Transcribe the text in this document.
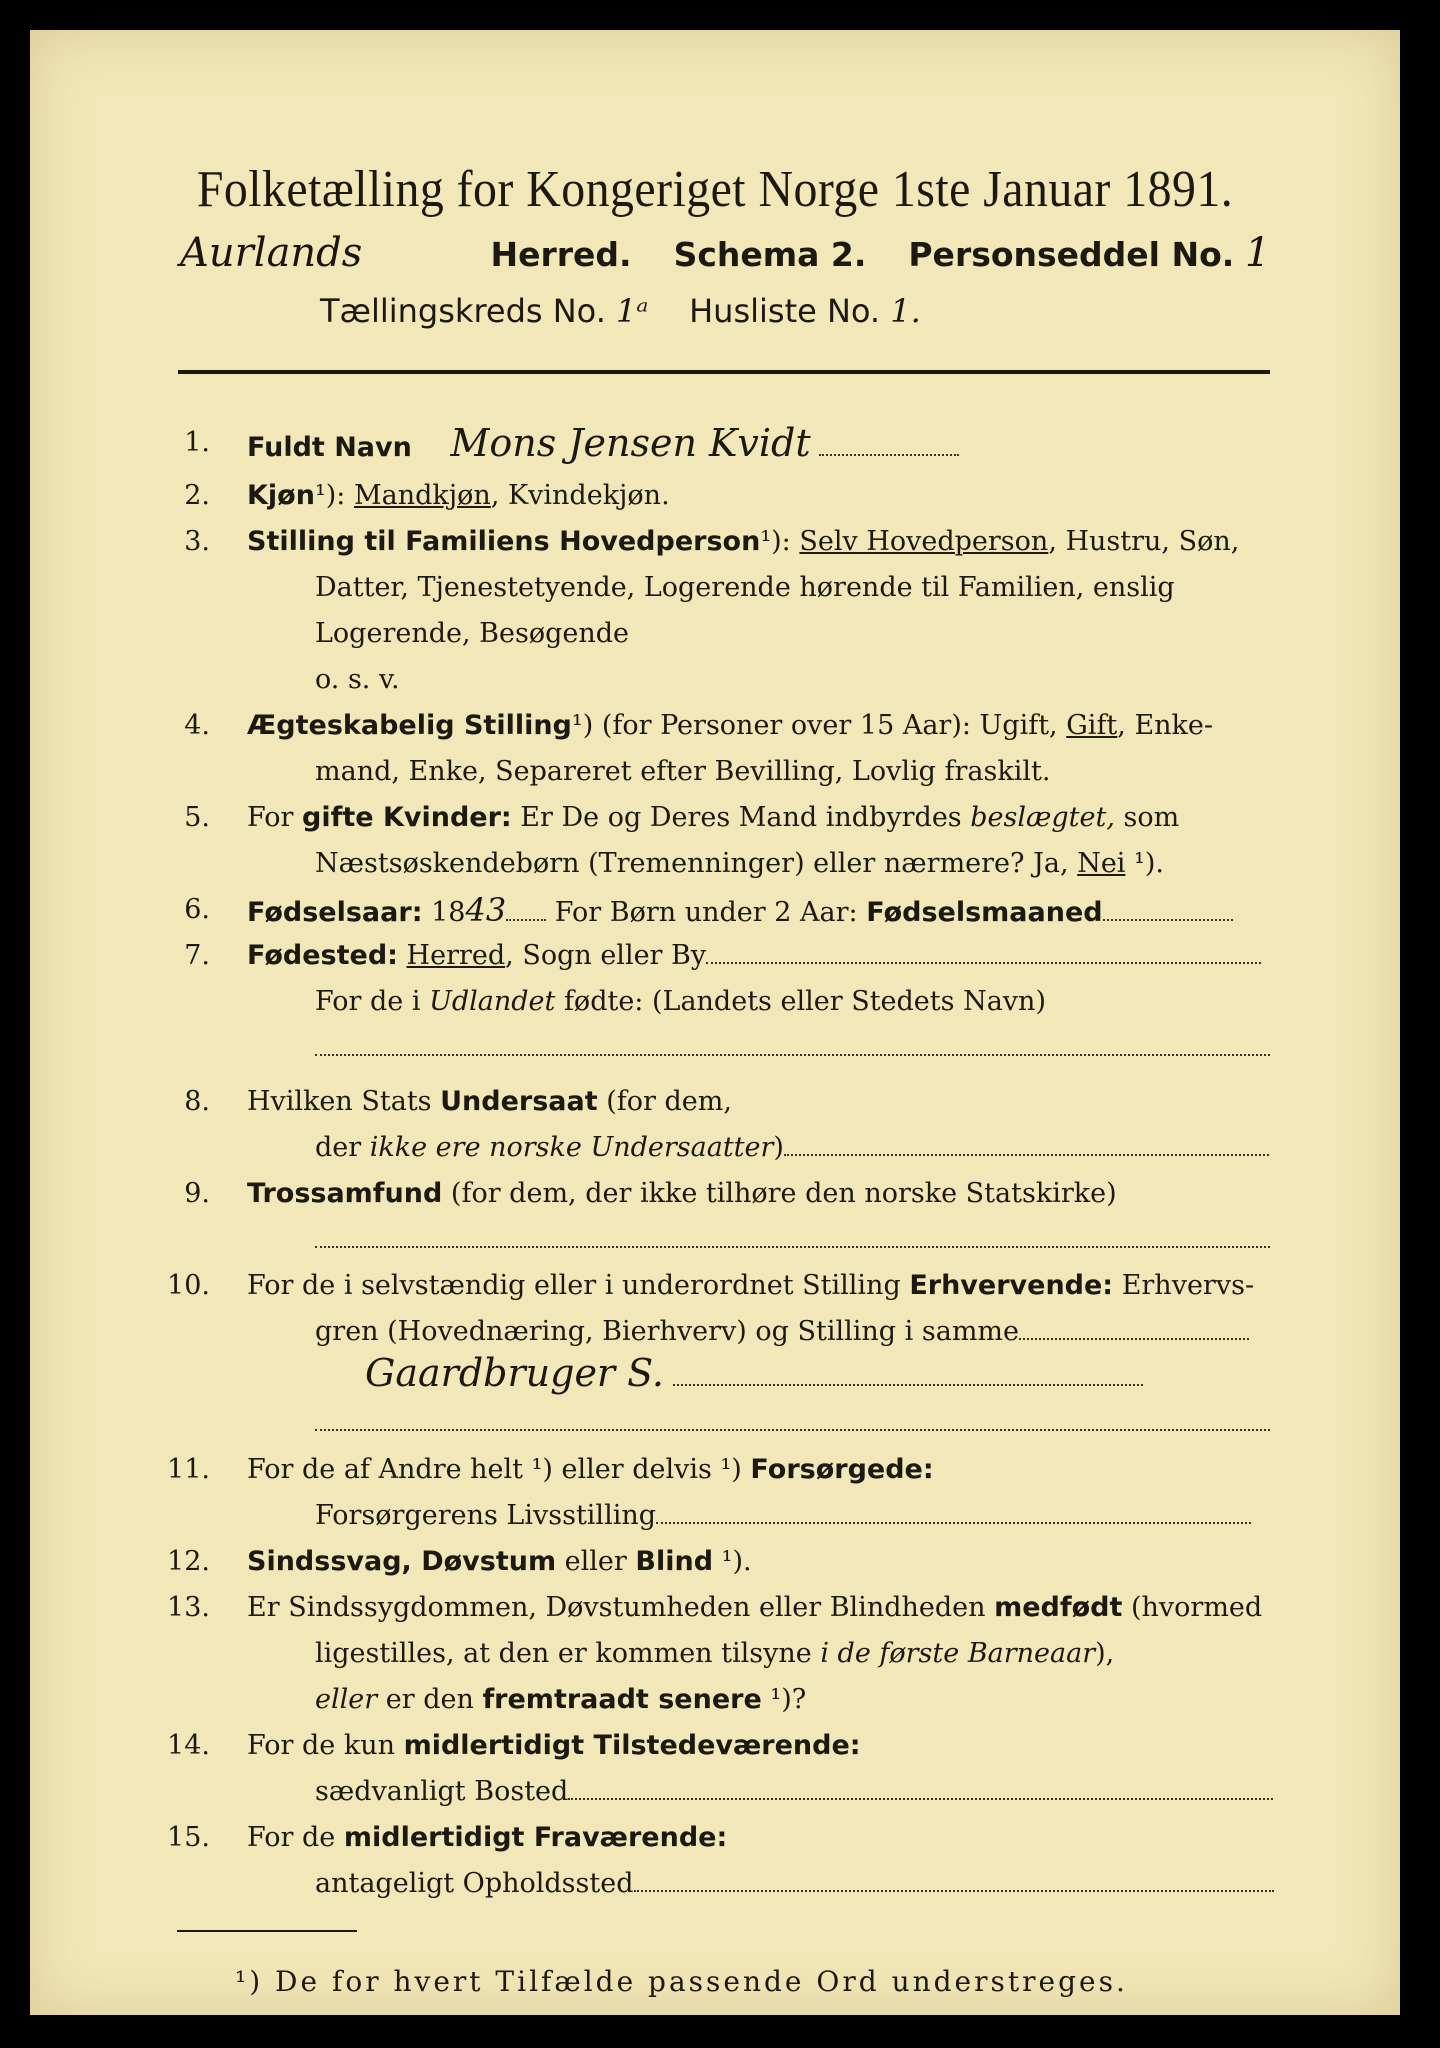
Folketælling for Kongeriget Norge 1ste Januar 1891.
Aurlands	Herred. Schema 2. Personseddel No. 1
Tællingskreds No. 1ᵃ Husliste No. 1.
1. Fuldt Navn Mons Jensen Kvidt
2. Kjøn¹): Mandkjøn, Kvindekjøn.
3. Stilling til Familiens Hovedperson¹): Selv Hovedperson, Hustru, Søn,
Datter, Tjenestetyende, Logerende hørende til Familien, enslig
Logerende, Besøgende
o. s. v.
4. Ægteskabelig Stilling¹) (for Personer over 15 Aar): Ugift, Gift, Enke-
mand, Enke, Separeret efter Bevilling, Lovlig fraskilt.
5. For gifte Kvinder: Er De og Deres Mand indbyrdes beslægtet, som
Næstsøskendebørn (Tremenninger) eller nærmere? Ja, Nei ¹).
6. Fødselsaar: 1843 For Børn under 2 Aar: Fødselsmaaned
7. Fødested: Herred, Sogn eller By
For de i Udlandet fødte: (Landets eller Stedets Navn)
8. Hvilken Stats Undersaat (for dem,
der ikke ere norske Undersaatter)
9. Trossamfund (for dem, der ikke tilhøre den norske Statskirke)
10. For de i selvstændig eller i underordnet Stilling Erhvervende: Erhvervs-
gren (Hovednæring, Bierhverv) og Stilling i samme
Gaardbruger S.
11. For de af Andre helt ¹) eller delvis ¹) Forsørgede:
Forsørgerens Livsstilling
12. Sindssvag, Døvstum eller Blind ¹).
13. Er Sindssygdommen, Døvstumheden eller Blindheden medfødt (hvormed
ligestilles, at den er kommen tilsyne i de første Barneaar),
eller er den fremtraadt senere ¹)?
14. For de kun midlertidigt Tilstedeværende:
sædvanligt Bosted
15. For de midlertidigt Fraværende:
antageligt Opholdssted
¹) De for hvert Tilfælde passende Ord understreges.
